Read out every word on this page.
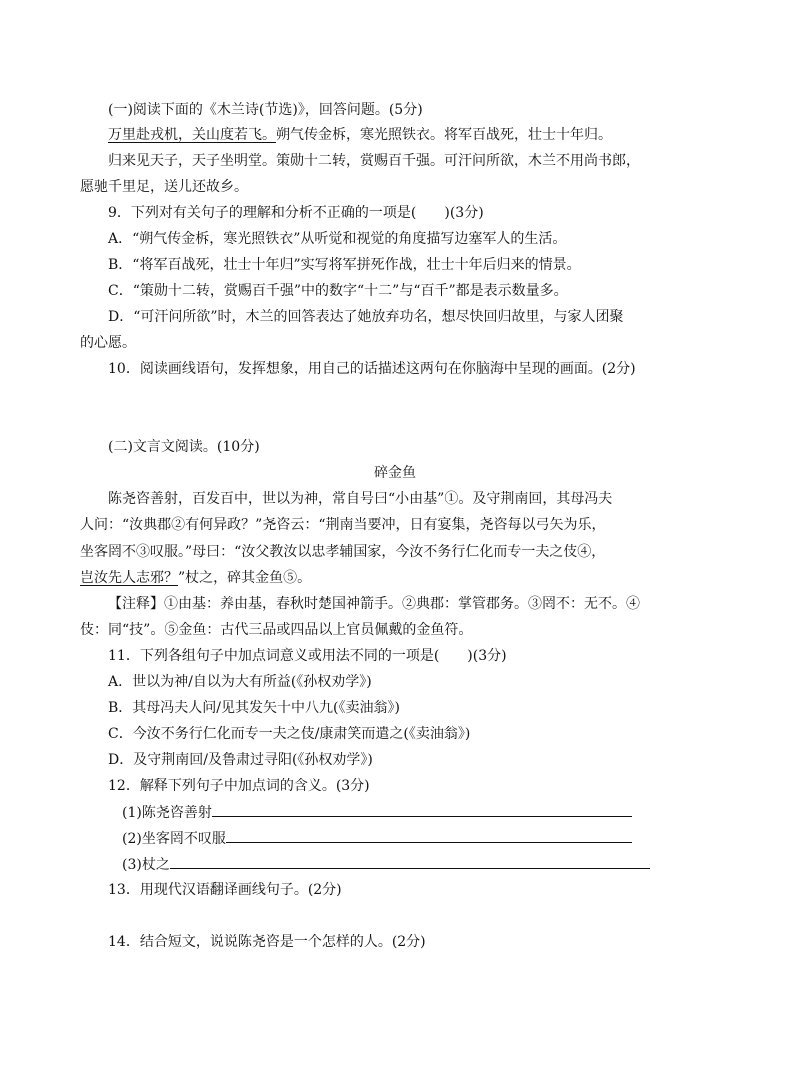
(一)阅读下面的《木兰诗(节选)》，回答问题。(5分)
万里赴戎机，关山度若飞。朔气传金柝，寒光照铁衣。将军百战死，壮士十年归。
归来见天子，天子坐明堂。策勋十二转，赏赐百千强。可汗问所欲，木兰不用尚书郎，
愿驰千里足，送儿还故乡。
9．下列对有关句子的理解和分析不正确的一项是(　　)(3分)
A．“朔气传金柝，寒光照铁衣”从听觉和视觉的角度描写边塞军人的生活。
B．“将军百战死，壮士十年归”实写将军拼死作战，壮士十年后归来的情景。
C．“策勋十二转，赏赐百千强”中的数字“十二”与“百千”都是表示数量多。
D．“可汗问所欲”时，木兰的回答表达了她放弃功名，想尽快回归故里，与家人团聚
的心愿。
10．阅读画线语句，发挥想象，用自己的话描述这两句在你脑海中呈现的画面。(2分)
(二)文言文阅读。(10分)
碎金鱼
陈尧咨善射，百发百中，世以为神，常自号曰“小由基”①。及守荆南回，其母冯夫
人问：“汝典郡②有何异政？”尧咨云：“荆南当要冲，日有宴集，尧咨每以弓矢为乐，
坐客罔不③叹服。”母曰：“汝父教汝以忠孝辅国家，今汝不务行仁化而专一夫之伎④，
岂汝先人志邪？”杖之，碎其金鱼⑤。
【注释】①由基：养由基，春秋时楚国神箭手。②典郡：掌管郡务。③罔不：无不。④
伎：同“技”。⑤金鱼：古代三品或四品以上官员佩戴的金鱼符。
11．下列各组句子中加点词意义或用法不同的一项是(　　)(3分)
A．世以为神/自以为大有所益(《孙权劝学》)
B．其母冯夫人问/见其发矢十中八九(《卖油翁》)
C．今汝不务行仁化而专一夫之伎/康肃笑而遣之(《卖油翁》)
D．及守荆南回/及鲁肃过寻阳(《孙权劝学》)
12．解释下列句子中加点词的含义。(3分)
(1)陈尧咨善射
(2)坐客罔不叹服
(3)杖之
13．用现代汉语翻译画线句子。(2分)
14．结合短文，说说陈尧咨是一个怎样的人。(2分)
